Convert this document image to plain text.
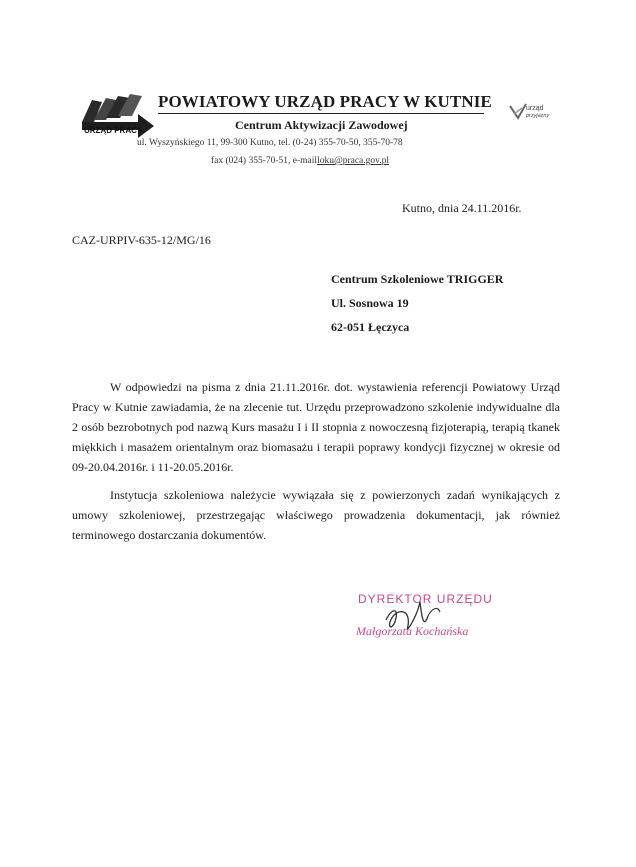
URZĄD PRACY
POWIATOWY URZĄD PRACY W KUTNIE
Centrum Aktywizacji Zawodowej
ul. Wyszyńskiego 11, 99-300 Kutno, tel. (0-24) 355-70-50, 355-70-78
fax (024) 355-70-51, e-mailloku@praca.gov.pl
urząd
przyjazny
Kutno, dnia 24.11.2016r.
CAZ-URPIV-635-12/MG/16
Centrum Szkoleniowe TRIGGER
Ul. Sosnowa 19
62-051 Łęczyca
W odpowiedzi na pisma z dnia 21.11.2016r. dot. wystawienia referencji Powiatowy Urząd Pracy w Kutnie zawiadamia, że na zlecenie tut. Urzędu przeprowadzono szkolenie indywidualne dla 2 osób bezrobotnych pod nazwą Kurs masażu I i II stopnia z nowoczesną fizjoterapią, terapią tkanek miękkich i masażem orientalnym oraz biomasażu i terapii poprawy kondycji fizycznej w okresie od 09-20.04.2016r. i 11-20.05.2016r.
Instytucja szkoleniowa należycie wywiązała się z powierzonych zadań wynikających z umowy szkoleniowej, przestrzegając właściwego prowadzenia dokumentacji, jak również terminowego dostarczania dokumentów.
DYREKTOR URZĘDU
Małgorzata Kochańska
